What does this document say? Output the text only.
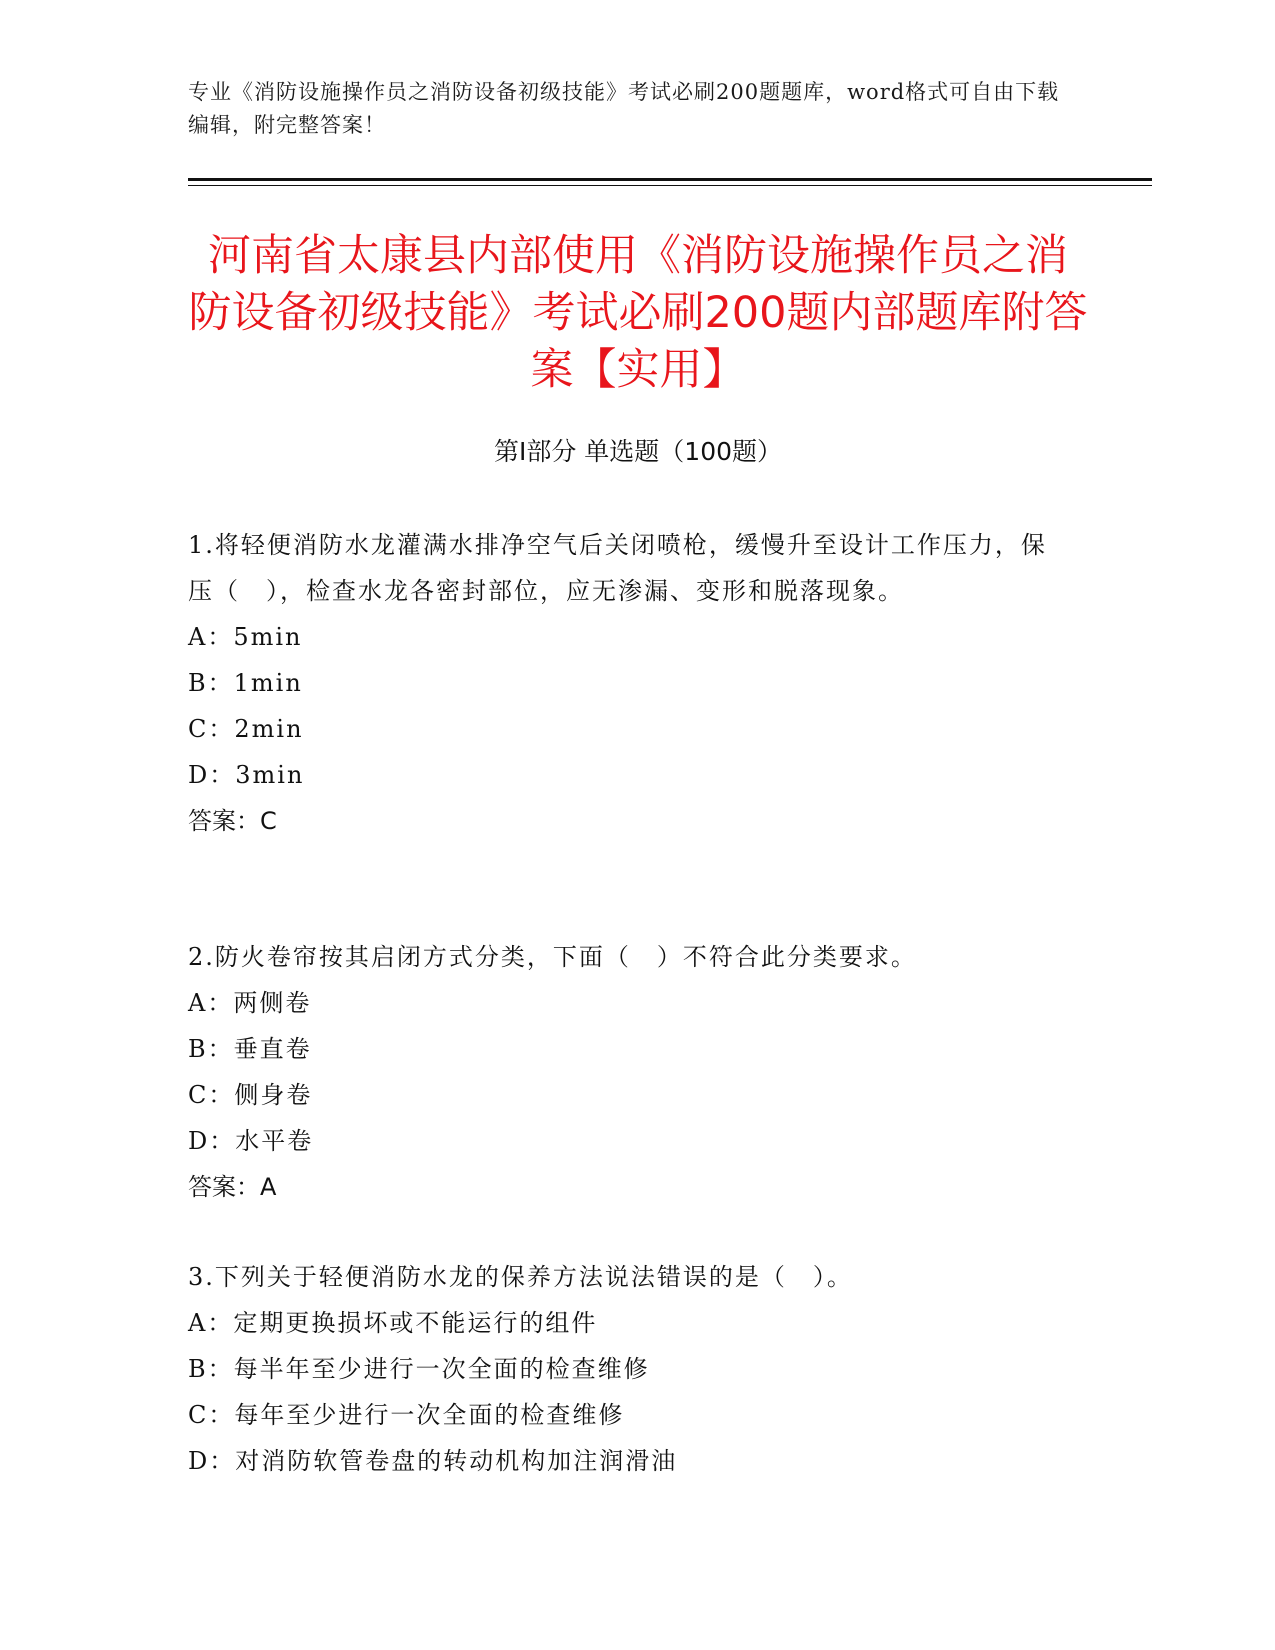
专业《消防设施操作员之消防设备初级技能》考试必刷200题题库，word格式可自由下载编辑，附完整答案！
河南省太康县内部使用《消防设施操作员之消防设备初级技能》考试必刷200题内部题库附答案【实用】
第Ⅰ部分 单选题（100题）

1.将轻便消防水龙灌满水排净空气后关闭喷枪，缓慢升至设计工作压力，保压（　），检查水龙各密封部位，应无渗漏、变形和脱落现象。

A：5min

B：1min

C：2min

D：3min

答案：C

2.防火卷帘按其启闭方式分类，下面（　）不符合此分类要求。

A：两侧卷

B：垂直卷

C：侧身卷

D：水平卷

答案：A

3.下列关于轻便消防水龙的保养方法说法错误的是（　）。

A：定期更换损坏或不能运行的组件

B：每半年至少进行一次全面的检查维修

C：每年至少进行一次全面的检查维修

D：对消防软管卷盘的转动机构加注润滑油
